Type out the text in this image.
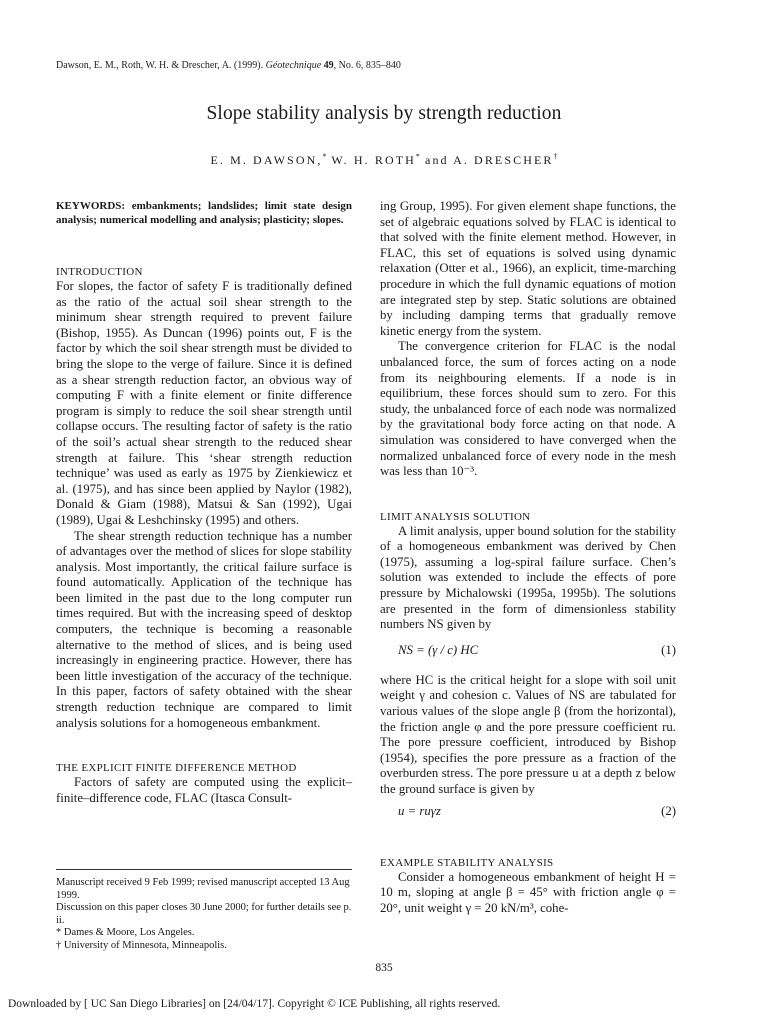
Dawson, E. M., Roth, W. H. & Drescher, A. (1999). Géotechnique 49, No. 6, 835–840
Slope stability analysis by strength reduction
E. M. DAWSON,* W. H. ROTH* and A. DRESCHER†

KEYWORDS: embankments; landslides; limit state design analysis; numerical modelling and analysis; plasticity; slopes.

INTRODUCTION

For slopes, the factor of safety F is traditionally defined as the ratio of the actual soil shear strength to the minimum shear strength required to prevent failure (Bishop, 1955). As Duncan (1996) points out, F is the factor by which the soil shear strength must be divided to bring the slope to the verge of failure. Since it is defined as a shear strength reduction factor, an obvious way of computing F with a finite element or finite difference program is simply to reduce the soil shear strength until collapse occurs. The resulting factor of safety is the ratio of the soil’s actual shear strength to the reduced shear strength at failure. This ‘shear strength reduction technique’ was used as early as 1975 by Zienkiewicz et al. (1975), and has since been applied by Naylor (1982), Donald & Giam (1988), Matsui & San (1992), Ugai (1989), Ugai & Leshchinsky (1995) and others.

The shear strength reduction technique has a number of advantages over the method of slices for slope stability analysis. Most importantly, the critical failure surface is found automatically. Application of the technique has been limited in the past due to the long computer run times required. But with the increasing speed of desktop computers, the technique is becoming a reasonable alternative to the method of slices, and is being used increasingly in engineering practice. However, there has been little investigation of the accuracy of the technique. In this paper, factors of safety obtained with the shear strength reduction technique are compared to limit analysis solutions for a homogeneous embankment.

THE EXPLICIT FINITE DIFFERENCE METHOD

Factors of safety are computed using the explicit–finite–difference code, FLAC (Itasca Consult-

ing Group, 1995). For given element shape functions, the set of algebraic equations solved by FLAC is identical to that solved with the finite element method. However, in FLAC, this set of equations is solved using dynamic relaxation (Otter et al., 1966), an explicit, time-marching procedure in which the full dynamic equations of motion are integrated step by step. Static solutions are obtained by including damping terms that gradually remove kinetic energy from the system.

The convergence criterion for FLAC is the nodal unbalanced force, the sum of forces acting on a node from its neighbouring elements. If a node is in equilibrium, these forces should sum to zero. For this study, the unbalanced force of each node was normalized by the gravitational body force acting on that node. A simulation was considered to have converged when the normalized unbalanced force of every node in the mesh was less than 10⁻³.

LIMIT ANALYSIS SOLUTION

A limit analysis, upper bound solution for the stability of a homogeneous embankment was derived by Chen (1975), assuming a log-spiral failure surface. Chen’s solution was extended to include the effects of pore pressure by Michalowski (1995a, 1995b). The solutions are presented in the form of dimensionless stability numbers NS given by

NS = (γ / c) HC	(1)

where HC is the critical height for a slope with soil unit weight γ and cohesion c. Values of NS are tabulated for various values of the slope angle β (from the horizontal), the friction angle φ and the pore pressure coefficient ru. The pore pressure coefficient, introduced by Bishop (1954), specifies the pore pressure as a fraction of the overburden stress. The pore pressure u at a depth z below the ground surface is given by

u = ruγz	(2)

EXAMPLE STABILITY ANALYSIS

Consider a homogeneous embankment of height H = 10 m, sloping at angle β = 45° with friction angle φ = 20°, unit weight γ = 20 kN/m³, cohe-

Manuscript received 9 Feb 1999; revised manuscript accepted 13 Aug 1999.

Discussion on this paper closes 30 June 2000; for further details see p. ii.

* Dames & Moore, Los Angeles.

† University of Minnesota, Minneapolis.

835
Downloaded by [ UC San Diego Libraries] on [24/04/17]. Copyright © ICE Publishing, all rights reserved.
